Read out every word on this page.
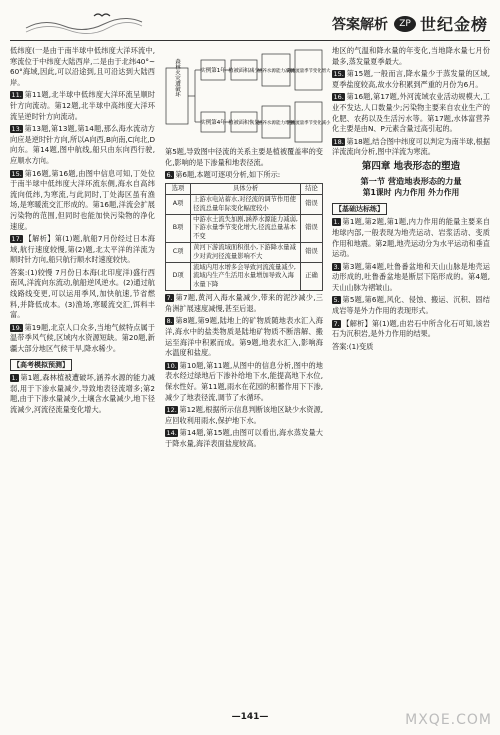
答案解析	ZP 世纪金榜

低纬度(一是由于南半球中低纬度大洋环流中,寒流位于中纬度大陆西岸,二是由于北纬40°~60°海域,因此,可以沿途到,且可沿达到大陆西岸。

11. 第11题,北半球中低纬度大洋环流呈顺时针方向流动。第12题,北半球中高纬度大洋环流呈逆时针方向流动。

13. 第13题,第13题,第14题,那么海水流动方向应是逆时针方向,所以A向西,B向南,C向北,D向东。第14题,图中航线,船只由东向西行驶,应顺水方向。

15. 第16题,第16题,由图中信息可知,丁处位于南半球中低纬度大洋环流东侧,海水自高纬流向低纬,为寒流,与此同时,丁处海区虽有渔场,是寒暖流交汇形成的。第16题,洋流会扩展污染物的范围,但同时也能加快污染物的净化速度。

17. 【解析】第(1)题,航船7月份经过日本海域,航行速度较慢,第(2)题,北太平洋的洋流为顺时针方向,船只航行顺水时速度较快。

答案:(1)较慢 7月份日本海(北印度洋)盛行西南风,洋流向东流动,航船逆风逆水。(2)通过航线路线变更,可以运用季风,加快航速,节省燃料,并降低成本。(3)渔场,寒暖流交汇,饵料丰富。

19. 第19题,北京人口众多,当地气候特点属于温带季风气候,区域内水资源短缺。第20题,新疆大部分地区气候干旱,降水稀少。

【高考模拟预测】

1. 第1题,森林植被遭破坏,涵养水源的能力减弱,用于下渗水量减少,导致地表径流增多;第2题,由于下渗水量减少,土壤含水量减少,地下径流减少,河流径流量变化增大。

森林火灾遭破坏	实例第1年
实例第4年
植被面积减少
植被面积恢复
涵养水源能力减弱
涵养水源能力增强
河流流量季节变化增大
河流流量季节变化减小

第5题,导致图中径流的关系主要是植被覆盖率的变化,影响的是下渗量和地表径流。

6. 第6题,本题可逐项分析,如下所示:

选项	具体分析	结论
A项	上游水电站蓄水,对径流的调节作用使径流总量年际变化幅度较小	错误
B项	中游水土流失加剧,涵养水源能力减弱,下游水量季节变化增大,径流总量基本不变	错误
C项	黄河下游流域面积很小,下游降水量减少对黄河径流量影响不大	错误
D项	流域内用水增多会导致河流流量减少,流域内生产生活用水量增加导致入海水量下降	正确

7. 第7题,黄河入海水量减少,带来的泥沙减少,三角洲扩展速度减慢,甚至后退。

8. 第8题,第9题,陆地上的矿物质随地表水汇入海洋,海水中的盐类物质是陆地矿物质不断溶解、搬运至海洋中积累而成。第9题,地表水汇入,影响海水温度和盐度。

10. 第10题,第11题,从图中的信息分析,图中的地表水经过绿地后下渗补给地下水,能提高地下水位,保水性好。第11题,雨水在花园的积蓄作用下下渗,减少了地表径流,调节了水循环。

12. 第12题,根据所示信息判断该地区缺少水资源,应回收利用雨水,保护地下水。

14. 第14题,第15题,由图可以看出,海水蒸发量大于降水量,海洋表面盐度较高。

地区的气温和降水量的年变化,当地降水量七月份最多,蒸发量夏季最大。

15. 第15题,一般而言,降水量少于蒸发量的区域,夏季盐度较高,故水分积累到严重的月份为6月。

16. 第16题,第17题,外河流域农业活动规模大,工业不发达,人口数量少;污染物主要来自农业生产的化肥、农药以及生活污水等。第17题,水体富营养化主要是由N、P元素含量过高引起的。

18. 第18题,结合图中纬度可以判定为南半球,根据洋流流向分析,图中洋流为寒流。

第四章 地表形态的塑造
第一节 营造地表形态的力量
第1课时 内力作用 外力作用
【基础达标练】

1. 第1题,第2题,第1题,内力作用的能量主要来自地球内部,一般表现为地壳运动、岩浆活动、变质作用和地震。第2题,地壳运动分为水平运动和垂直运动。

3. 第3题,第4题,吐鲁番盆地和天山山脉是地壳运动形成的,吐鲁番盆地是断层下陷形成的。第4题,天山山脉为褶皱山。

5. 第5题,第6题,风化、侵蚀、搬运、沉积、固结成岩等是外力作用的表现形式。

7. 【解析】第(1)题,由岩石中所含化石可知,该岩石为沉积岩,是外力作用的结果。

答案:(1)变质

—141—	MXQE.COM
